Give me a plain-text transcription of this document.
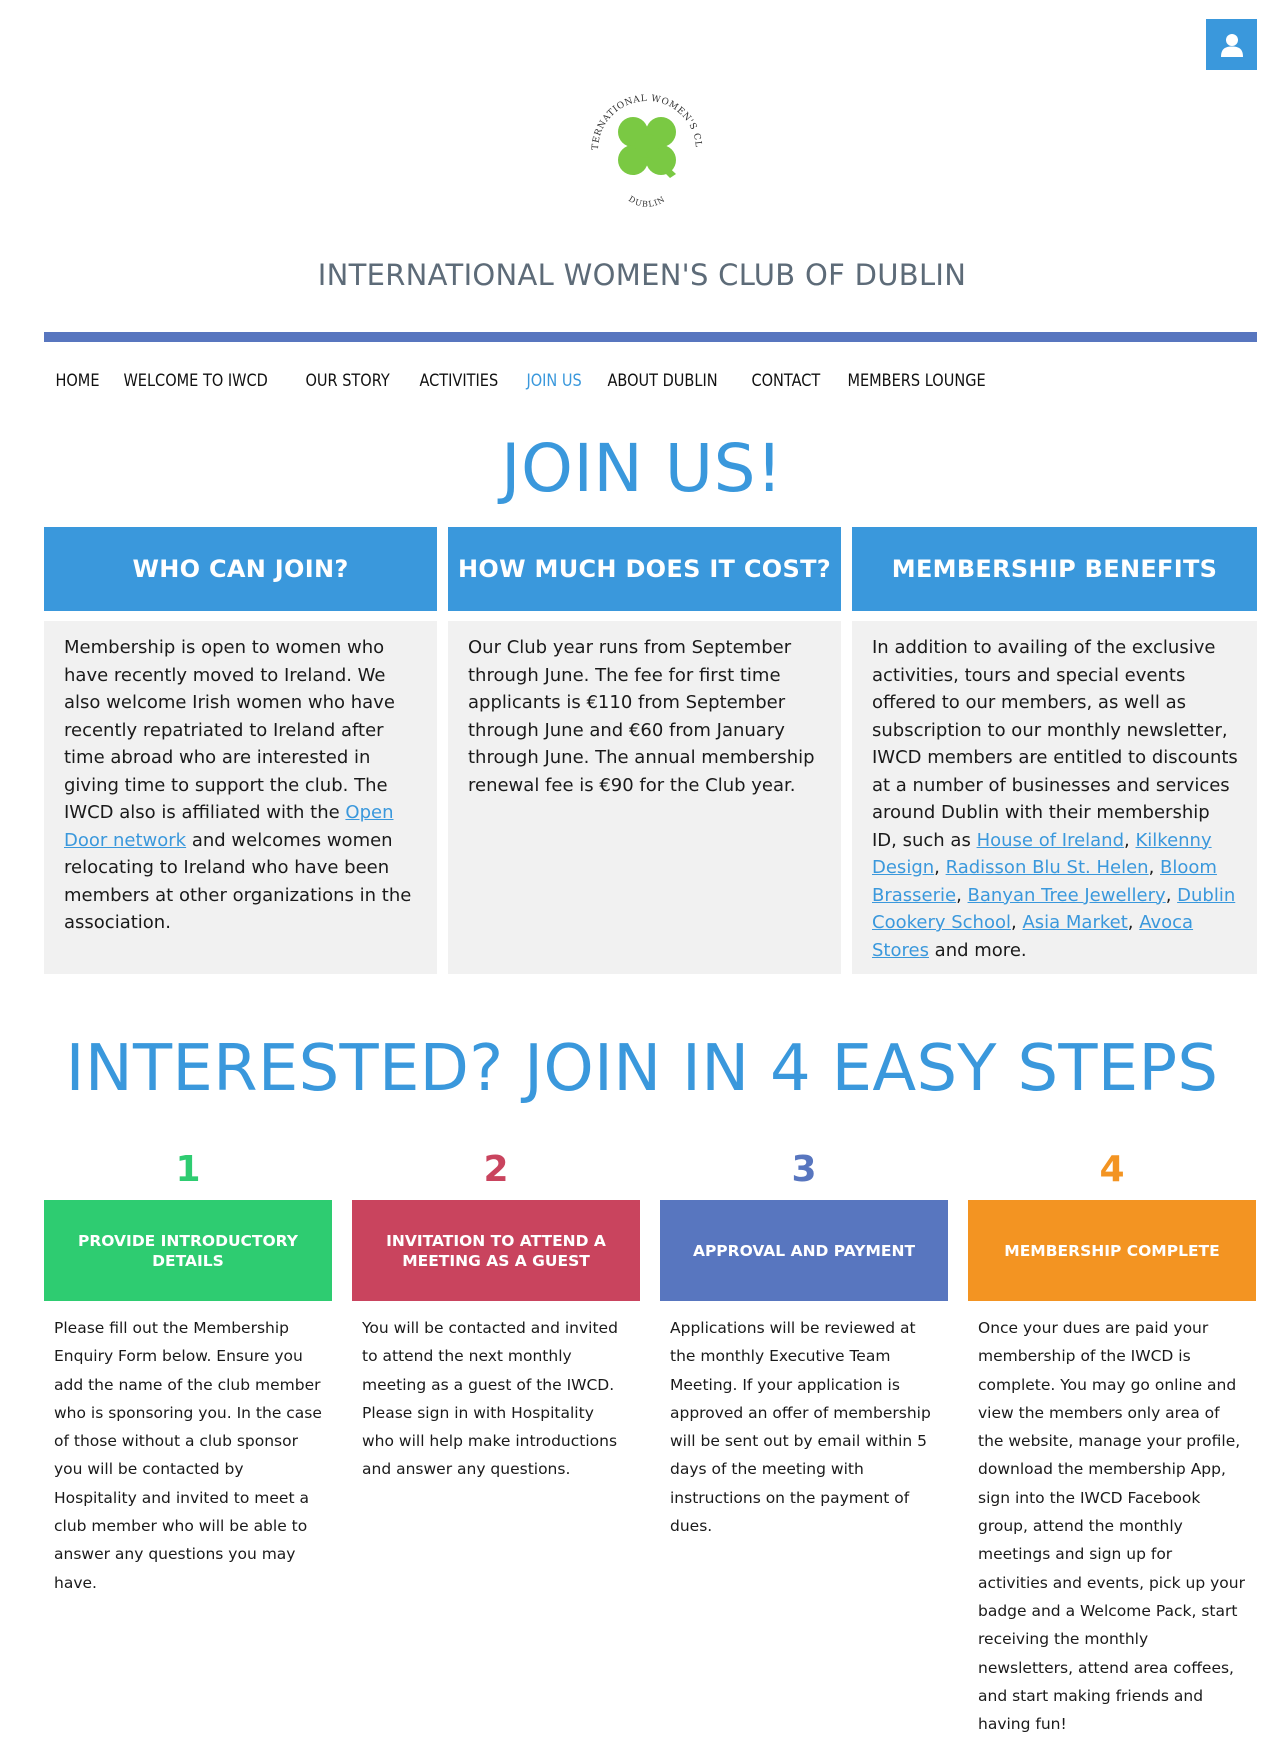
TERNATIONAL WOMEN'S CL
DUBLIN
INTERNATIONAL WOMEN'S CLUB OF DUBLIN
HOME	WELCOME TO IWCD	OUR STORY	ACTIVITIES	JOIN US	ABOUT DUBLIN	CONTACT	MEMBERS LOUNGE
JOIN US!
WHO CAN JOIN?
Membership is open to women who have recently moved to Ireland. We also welcome Irish women who have recently repatriated to Ireland after time abroad who are interested in giving time to support the club. The IWCD also is affiliated with the Open Door network and welcomes women relocating to Ireland who have been members at other organizations in the association.
HOW MUCH DOES IT COST?
Our Club year runs from September through June. The fee for first time applicants is €110 from September through June and €60 from January through June. The annual membership renewal fee is €90 for the Club year.
MEMBERSHIP BENEFITS
In addition to availing of the exclusive activities, tours and special events offered to our members, as well as subscription to our monthly newsletter, IWCD members are entitled to discounts at a number of businesses and services around Dublin with their membership ID, such as House of Ireland, Kilkenny Design, Radisson Blu St. Helen, Bloom Brasserie, Banyan Tree Jewellery, Dublin Cookery School, Asia Market, Avoca Stores and more.
INTERESTED? JOIN IN 4 EASY STEPS
1
PROVIDE INTRODUCTORY DETAILS
Please fill out the Membership Enquiry Form below. Ensure you add the name of the club member who is sponsoring you. In the case of those without a club sponsor you will be contacted by Hospitality and invited to meet a club member who will be able to answer any questions you may have.
2
INVITATION TO ATTEND A MEETING AS A GUEST
You will be contacted and invited to attend the next monthly meeting as a guest of the IWCD. Please sign in with Hospitality who will help make introductions and answer any questions.
3
APPROVAL AND PAYMENT
Applications will be reviewed at the monthly Executive Team Meeting. If your application is approved an offer of membership will be sent out by email within 5 days of the meeting with instructions on the payment of dues.
4
MEMBERSHIP COMPLETE
Once your dues are paid your membership of the IWCD is complete. You may go online and view the members only area of the website, manage your profile, download the membership App, sign into the IWCD Facebook group, attend the monthly meetings and sign up for activities and events, pick up your badge and a Welcome Pack, start receiving the monthly newsletters, attend area coffees, and start making friends and having fun!
